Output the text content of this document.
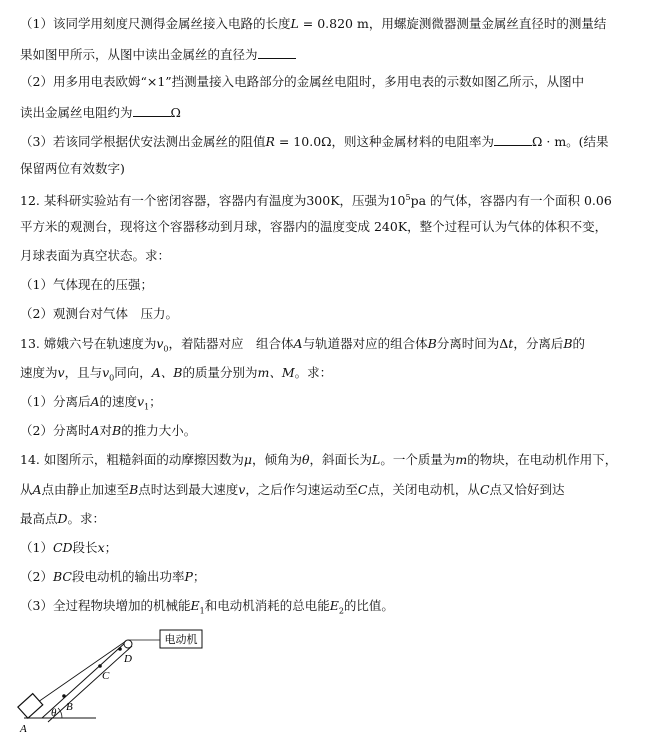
（1）该同学用刻度尺测得金属丝接入电路的长度L = 0.820 m，用螺旋测微器测量金属丝直径时的测量结
果如图甲所示，从图中读出金属丝的直径为
（2）用多用电表欧姆“×1”挡测量接入电路部分的金属丝电阻时，多用电表的示数如图乙所示，从图中
读出金属丝电阻约为	Ω
（3）若该同学根据伏安法测出金属丝的阻值R = 10.0Ω，则这种金属材料的电阻率为	Ω · m。(结果
保留两位有效数字)
12. 某科研实验站有一个密闭容器，容器内有温度为300K，压强为$10^5pa$ 的气体，容器内有一个面积 0.06
平方米的观测台，现将这个容器移动到月球，容器内的温度变成 240K，整个过程可认为气体的体积不变，
月球表面为真空状态。求：
（1）气体现在的压强；
（2）观测台对气体　压力。
13. 嫦娥六号在轨速度为$v_0$，着陆器对应　组合体A与轨道器对应的组合体B分离时间为Δt，分离后B的
速度为v，且与$v_0$同向，A、B的质量分别为m、M。求：
（1）分离后A的速度$v_1$；
（2）分离时A对B的推力大小。
14. 如图所示，粗糙斜面的动摩擦因数为μ，倾角为θ，斜面长为L。一个质量为m的物块，在电动机作用下，
从A点由静止加速至B点时达到最大速度v，之后作匀速运动至C点，关闭电动机，从C点又恰好到达
最高点D。求：
（1）CD段长x；
（2）BC段电动机的输出功率P；
（3）全过程物块增加的机械能$E_1$和电动机消耗的总电能$E_2$的比值。
电动机
θ
A
B
C
D
